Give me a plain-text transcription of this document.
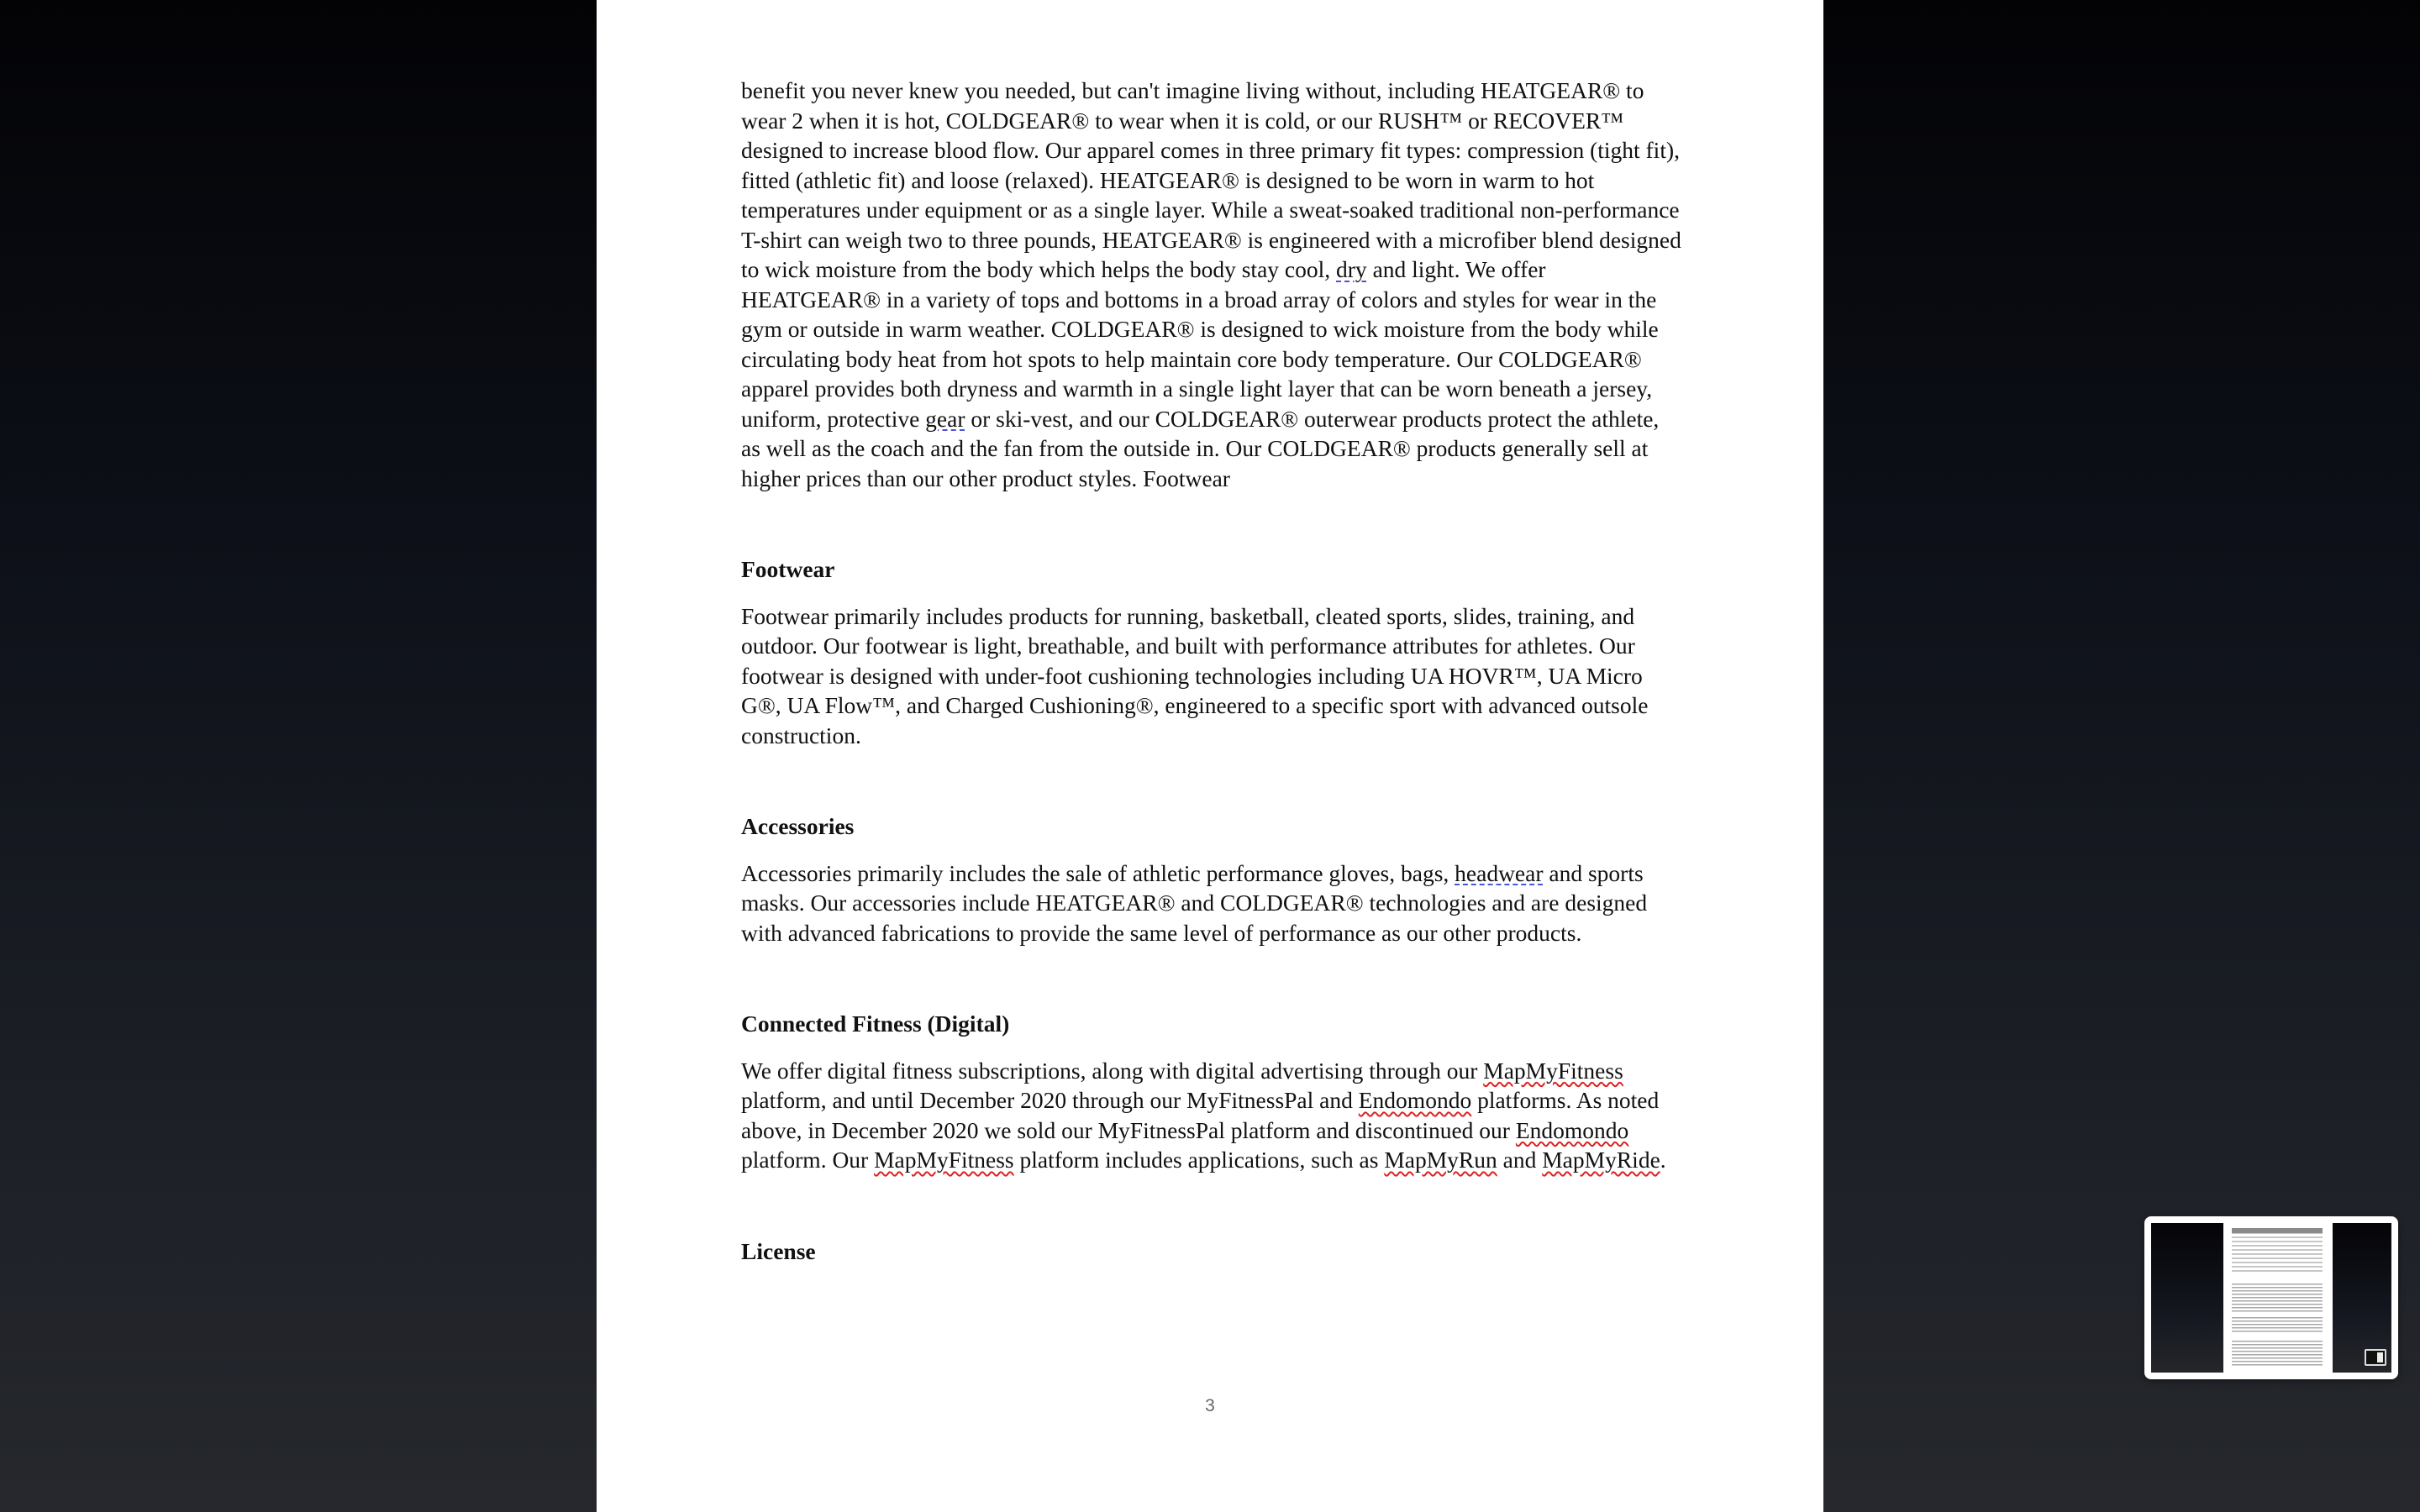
benefit you never knew you needed, but can't imagine living without, including HEATGEAR® to wear 2 when it is hot, COLDGEAR® to wear when it is cold, or our RUSH™ or RECOVER™ designed to increase blood flow. Our apparel comes in three primary fit types: compression (tight fit), fitted (athletic fit) and loose (relaxed). HEATGEAR® is designed to be worn in warm to hot temperatures under equipment or as a single layer. While a sweat-soaked traditional non-performance T-shirt can weigh two to three pounds, HEATGEAR® is engineered with a microfiber blend designed to wick moisture from the body which helps the body stay cool, dry and light. We offer HEATGEAR® in a variety of tops and bottoms in a broad array of colors and styles for wear in the gym or outside in warm weather. COLDGEAR® is designed to wick moisture from the body while circulating body heat from hot spots to help maintain core body temperature. Our COLDGEAR® apparel provides both dryness and warmth in a single light layer that can be worn beneath a jersey, uniform, protective gear or ski-vest, and our COLDGEAR® outerwear products protect the athlete, as well as the coach and the fan from the outside in. Our COLDGEAR® products generally sell at higher prices than our other product styles. Footwear

Footwear

Footwear primarily includes products for running, basketball, cleated sports, slides, training, and outdoor. Our footwear is light, breathable, and built with performance attributes for athletes. Our footwear is designed with under-foot cushioning technologies including UA HOVR™, UA Micro G®, UA Flow™, and Charged Cushioning®, engineered to a specific sport with advanced outsole construction.

Accessories

Accessories primarily includes the sale of athletic performance gloves, bags, headwear and sports masks. Our accessories include HEATGEAR® and COLDGEAR® technologies and are designed with advanced fabrications to provide the same level of performance as our other products.

Connected Fitness (Digital)

We offer digital fitness subscriptions, along with digital advertising through our MapMyFitness platform, and until December 2020 through our MyFitnessPal and Endomondo platforms. As noted above, in December 2020 we sold our MyFitnessPal platform and discontinued our Endomondo platform. Our MapMyFitness platform includes applications, such as MapMyRun and MapMyRide.

License
3
